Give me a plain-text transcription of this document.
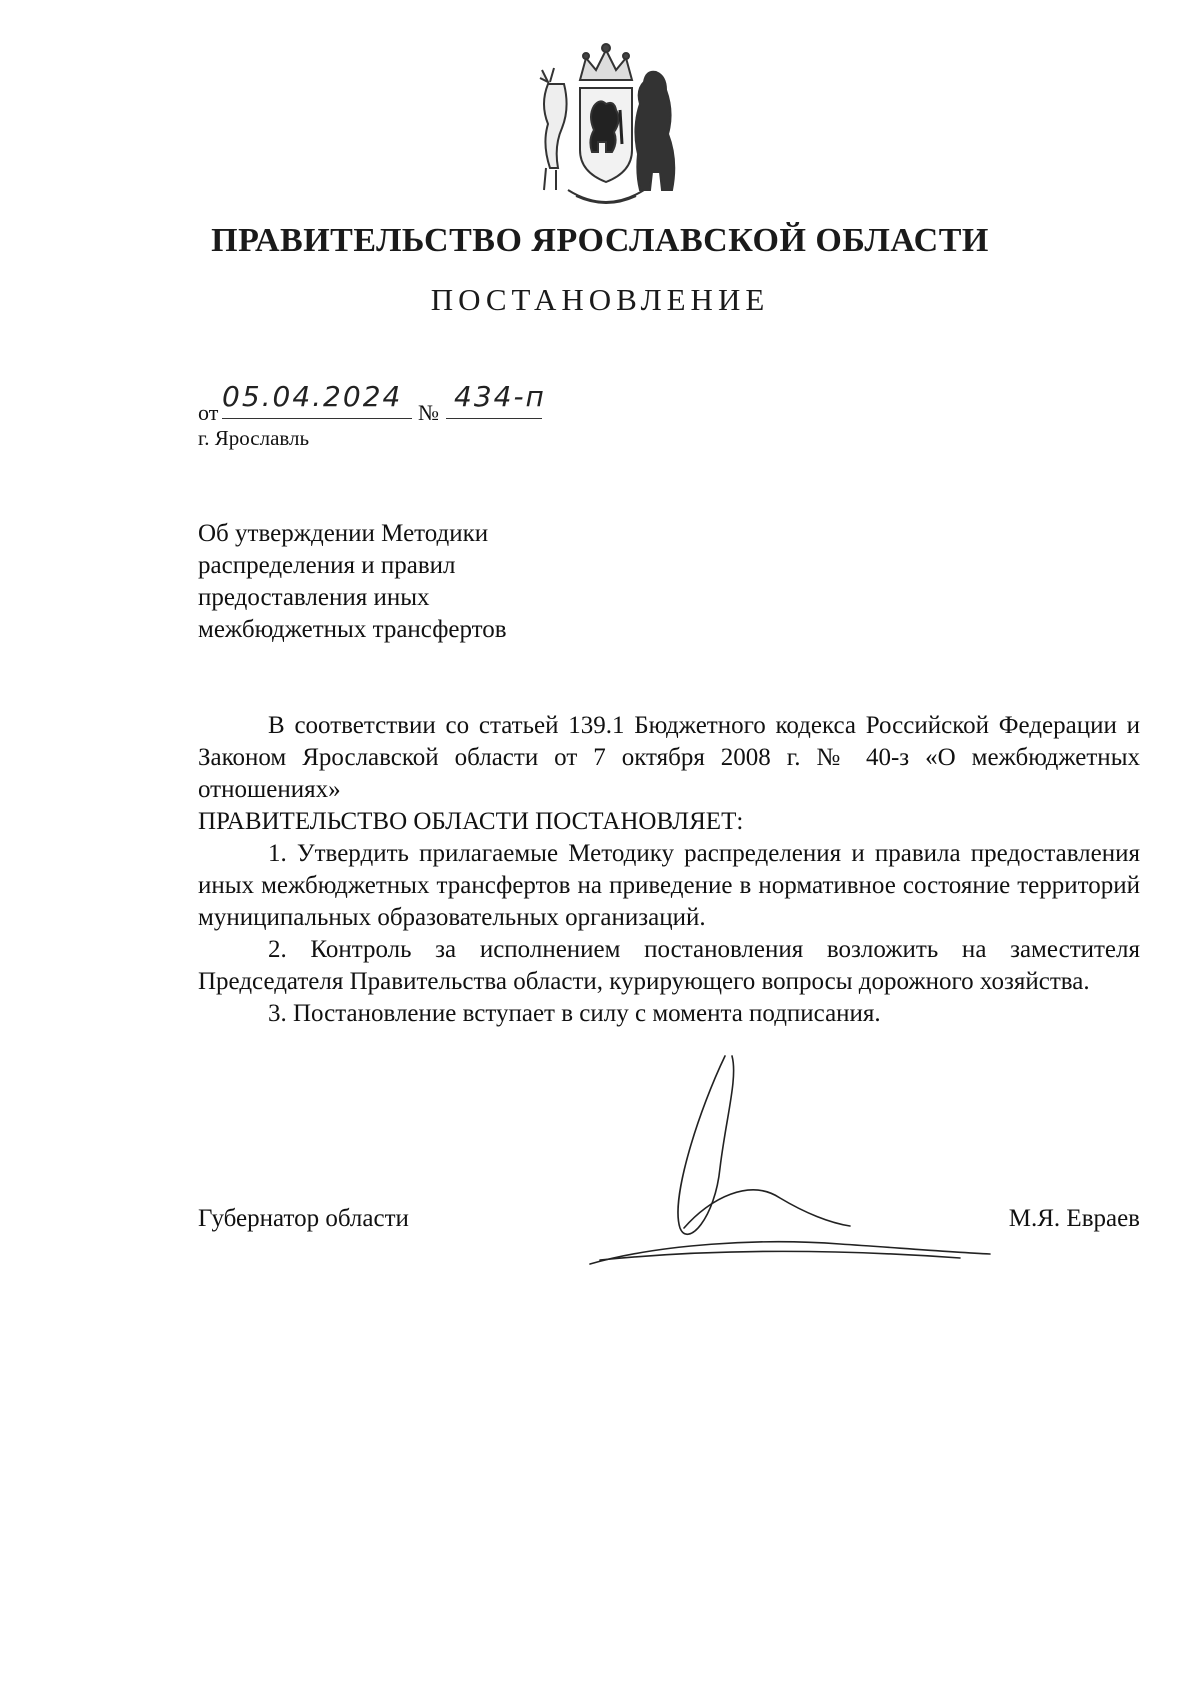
ПРАВИТЕЛЬСТВО ЯРОСЛАВСКОЙ ОБЛАСТИ
ПОСТАНОВЛЕНИЕ
от 05.04.2024 № 434-п
г. Ярославль
Об утверждении Методики
распределения и правил
предоставления иных
межбюджетных трансфертов

В соответствии со статьей 139.1 Бюджетного кодекса Российской Федерации и Законом Ярославской области от 7 октября 2008 г. № 40-з «О межбюджетных отношениях»

ПРАВИТЕЛЬСТВО ОБЛАСТИ ПОСТАНОВЛЯЕТ:

1. Утвердить прилагаемые Методику распределения и правила предоставления иных межбюджетных трансфертов на приведение в нормативное состояние территорий муниципальных образовательных организаций.

2. Контроль за исполнением постановления возложить на заместителя Председателя Правительства области, курирующего вопросы дорожного хозяйства.

3. Постановление вступает в силу с момента подписания.

Губернатор области	М.Я. Евраев
